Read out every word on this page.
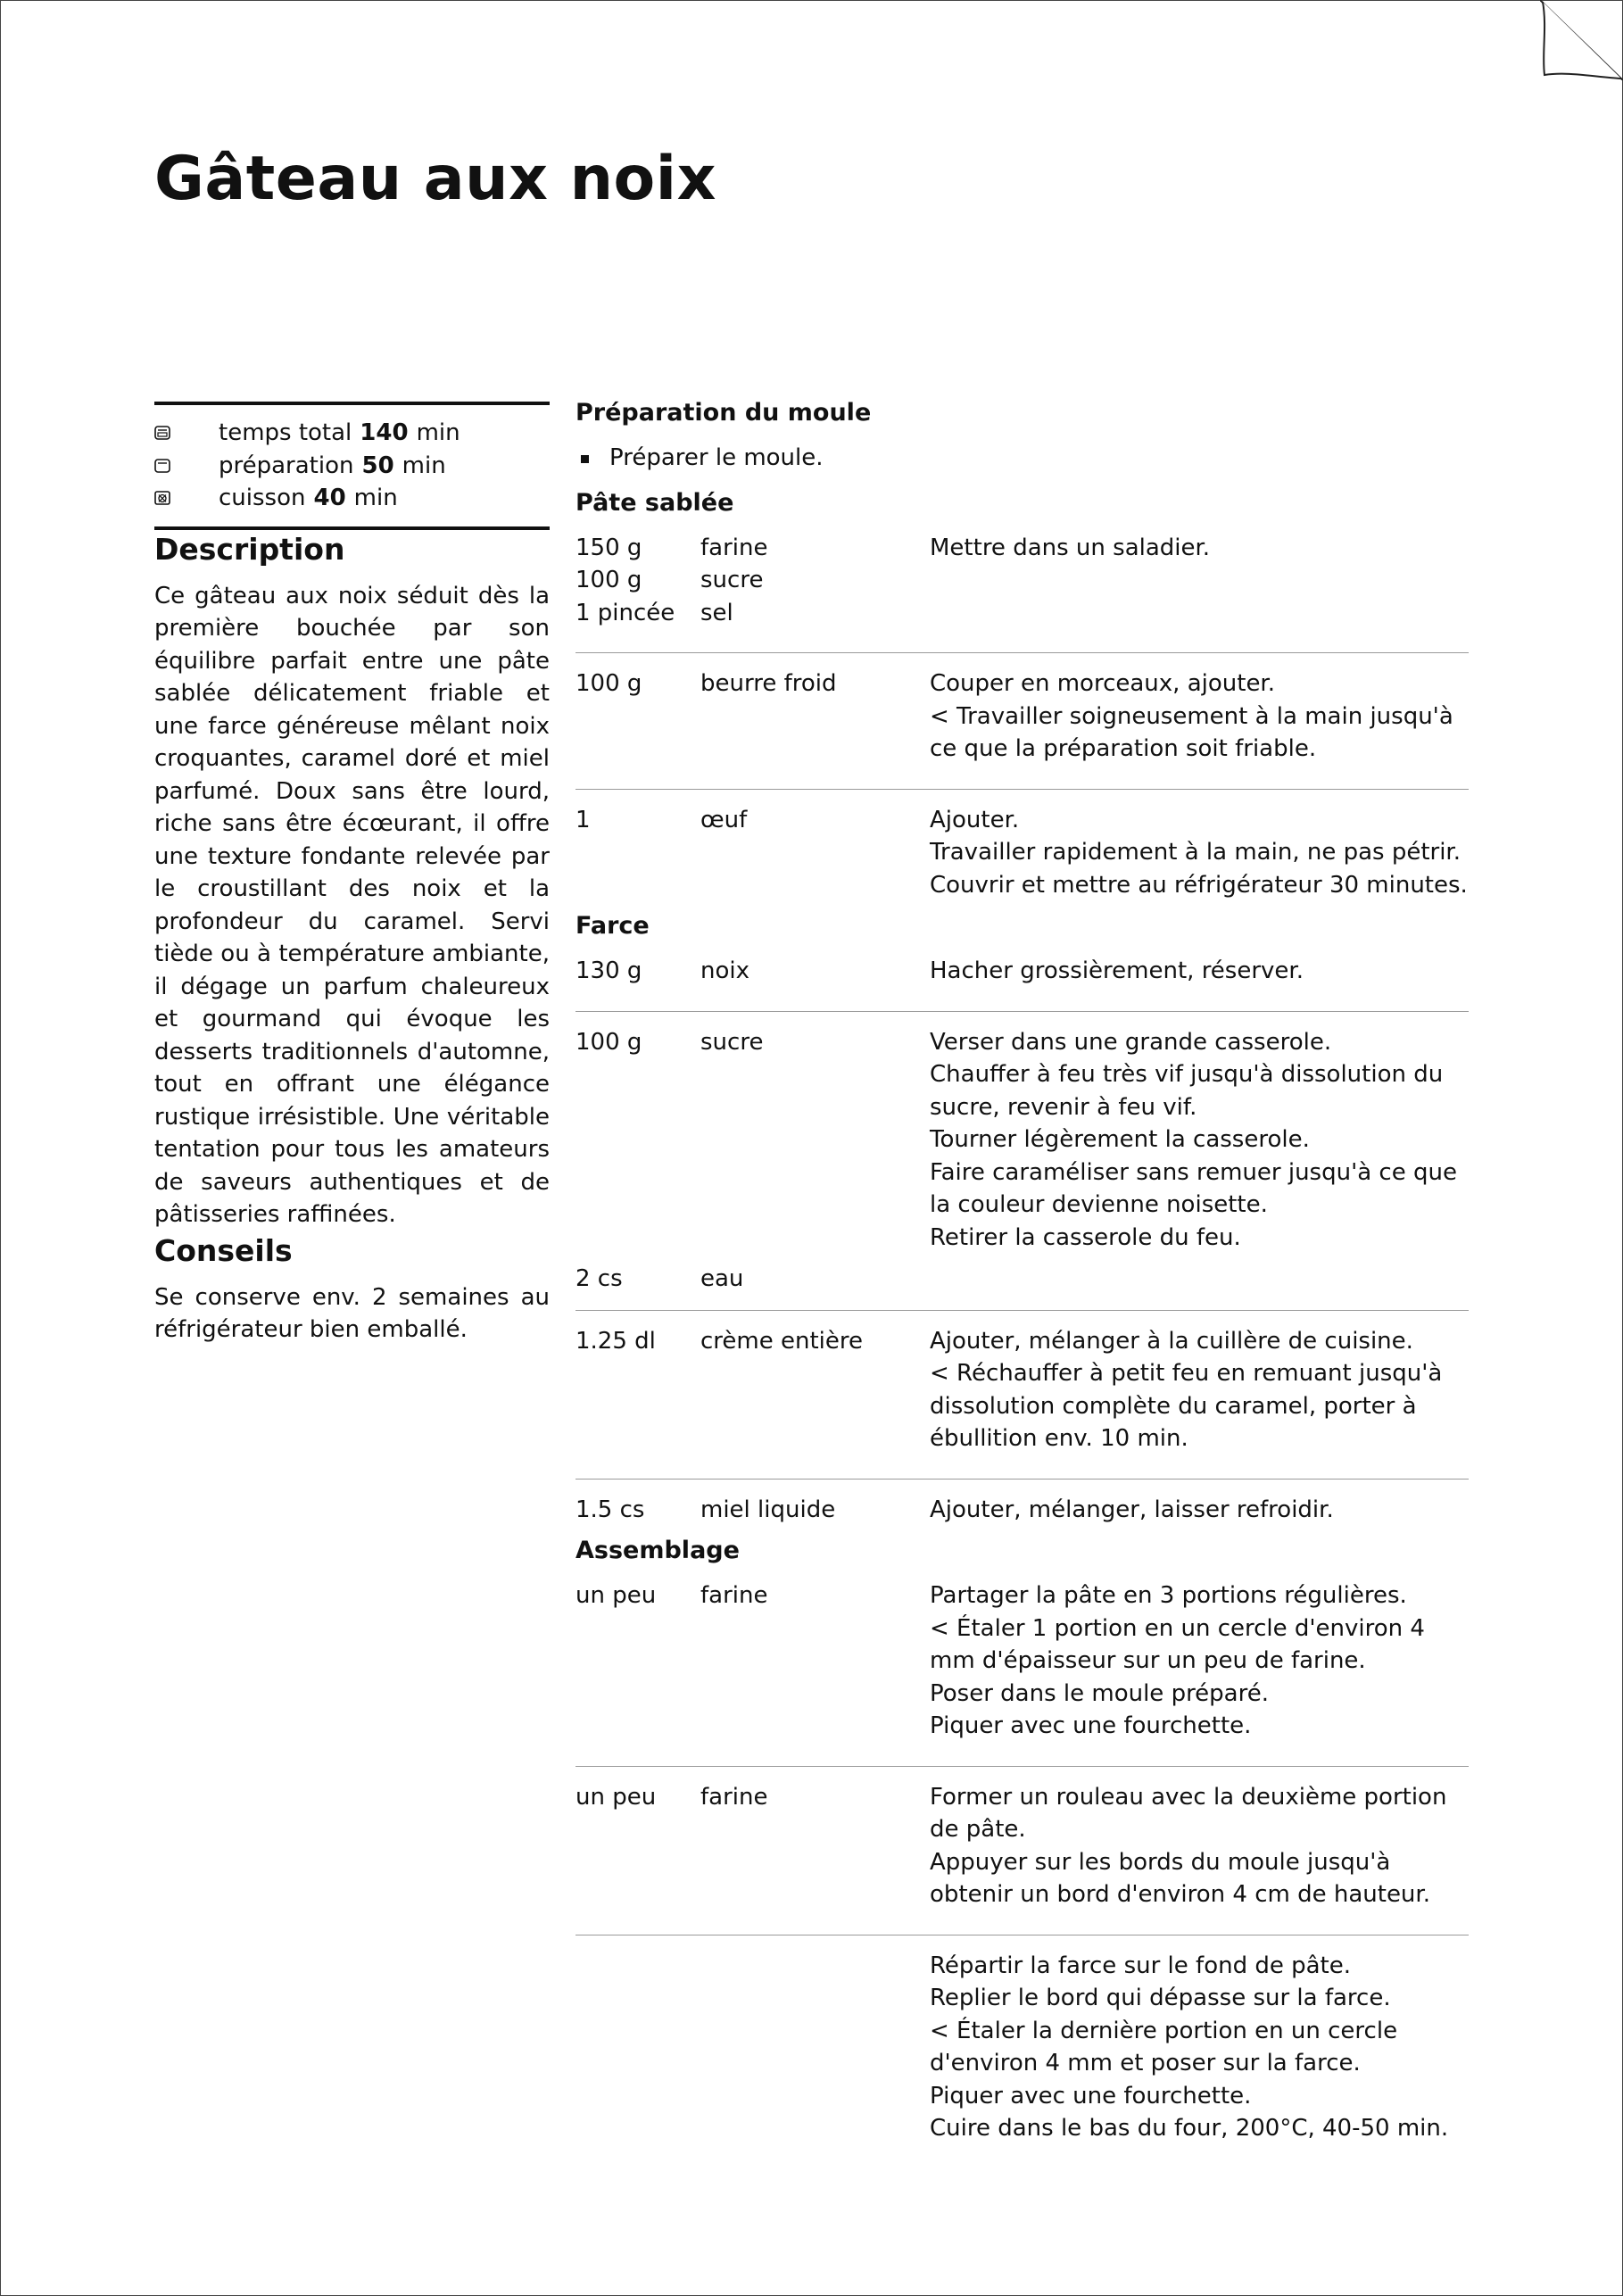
Gâteau aux noix
temps total 140 min
préparation 50 min
cuisson 40 min
Description

Ce gâteau aux noix séduit dès la première bouchée par son équilibre parfait entre une pâte sablée délicatement friable et une farce généreuse mêlant noix croquantes, caramel doré et miel parfumé. Doux sans être lourd, riche sans être écœurant, il offre une texture fondante relevée par le croustillant des noix et la profondeur du caramel. Servi tiède ou à température ambiante, il dégage un parfum chaleureux et gourmand qui évoque les desserts traditionnels d'automne, tout en offrant une élégance rustique irrésistible. Une véritable tentation pour tous les amateurs de saveurs authentiques et de pâtisseries raffinées.

Conseils

Se conserve env. 2 semaines au réfrigérateur bien emballé.

Préparation du moule
Préparer le moule.
Pâte sablée
150 g	farine
100 g	sucre
1 pincée	sel
Mettre dans un saladier.
100 g	beurre froid	Couper en morceaux, ajouter.
< Travailler soigneusement à la main jusqu'à ce que la préparation soit friable.
1	œuf	Ajouter.
Travailler rapidement à la main, ne pas pétrir.
Couvrir et mettre au réfrigérateur 30 minutes.
Farce
130 g	noix	Hacher grossièrement, réserver.
100 g	sucre	Verser dans une grande casserole.
Chauffer à feu très vif jusqu'à dissolution du sucre, revenir à feu vif.
Tourner légèrement la casserole.
Faire caraméliser sans remuer jusqu'à ce que la couleur devienne noisette.
Retirer la casserole du feu.
2 cs	eau
1.25 dl	crème entière	Ajouter, mélanger à la cuillère de cuisine.
< Réchauffer à petit feu en remuant jusqu'à dissolution complète du caramel, porter à ébullition env. 10 min.
1.5 cs	miel liquide	Ajouter, mélanger, laisser refroidir.
Assemblage
un peu	farine	Partager la pâte en 3 portions régulières.
< Étaler 1 portion en un cercle d'environ 4 mm d'épaisseur sur un peu de farine.
Poser dans le moule préparé.
Piquer avec une fourchette.
un peu	farine	Former un rouleau avec la deuxième portion de pâte.
Appuyer sur les bords du moule jusqu'à obtenir un bord d'environ 4 cm de hauteur.
Répartir la farce sur le fond de pâte.
Replier le bord qui dépasse sur la farce.
< Étaler la dernière portion en un cercle d'environ 4 mm et poser sur la farce.
Piquer avec une fourchette.
Cuire dans le bas du four, 200°C, 40-50 min.
